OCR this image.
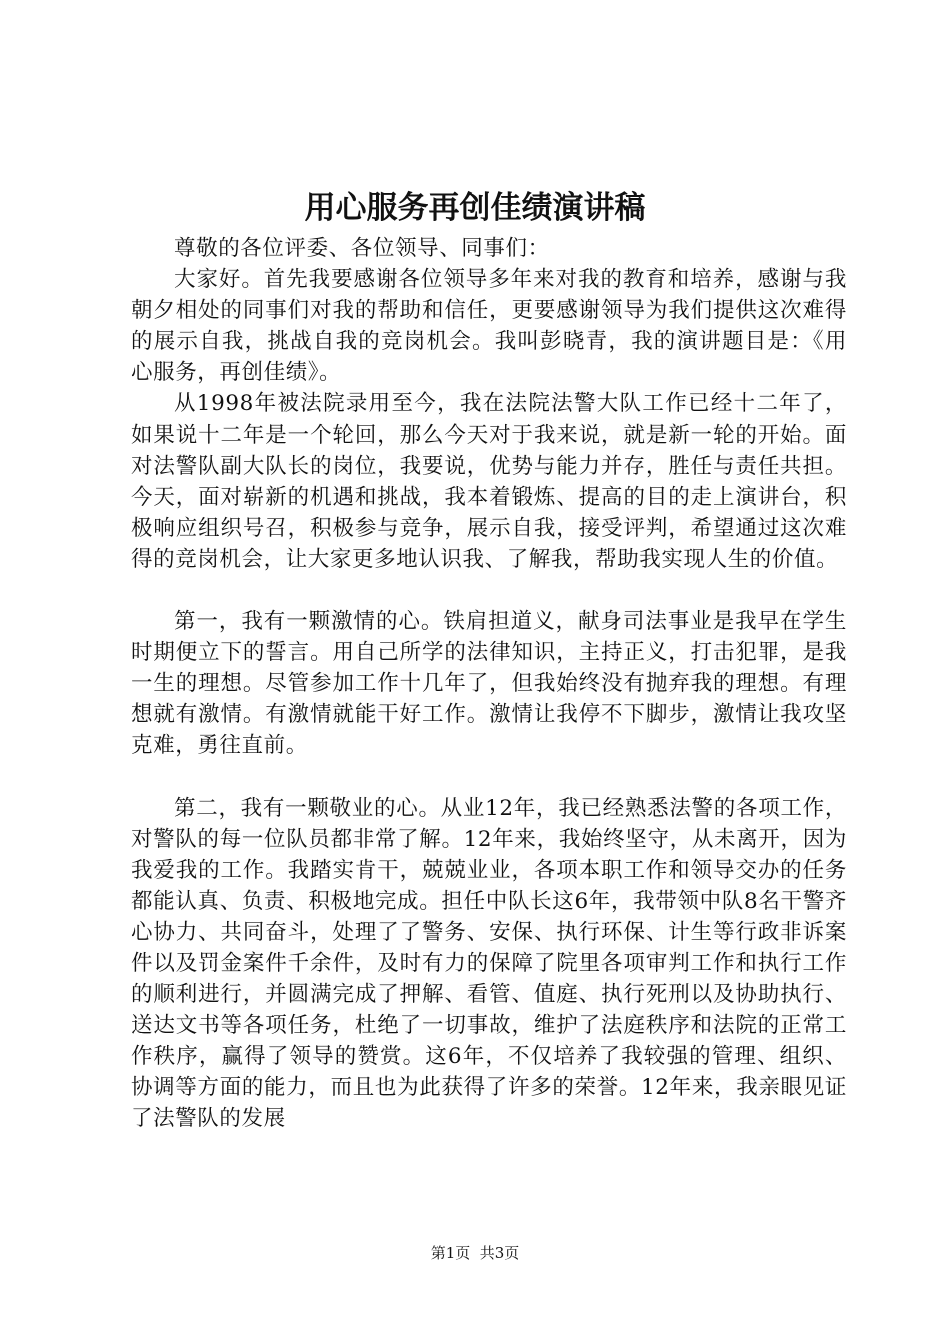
用心服务再创佳绩演讲稿

尊敬的各位评委、各位领导、同事们：

大家好。首先我要感谢各位领导多年来对我的教育和培养，感谢与我朝夕相处的同事们对我的帮助和信任，更要感谢领导为我们提供这次难得的展示自我，挑战自我的竞岗机会。我叫彭晓青，我的演讲题目是：《用心服务，再创佳绩》。

从1998年被法院录用至今，我在法院法警大队工作已经十二年了，如果说十二年是一个轮回，那么今天对于我来说，就是新一轮的开始。面对法警队副大队长的岗位，我要说，优势与能力并存，胜任与责任共担。今天，面对崭新的机遇和挑战，我本着锻炼、提高的目的走上演讲台，积极响应组织号召，积极参与竞争，展示自我，接受评判，希望通过这次难得的竞岗机会，让大家更多地认识我、了解我，帮助我实现人生的价值。

第一，我有一颗激情的心。铁肩担道义，献身司法事业是我早在学生时期便立下的誓言。用自己所学的法律知识，主持正义，打击犯罪，是我一生的理想。尽管参加工作十几年了，但我始终没有抛弃我的理想。有理想就有激情。有激情就能干好工作。激情让我停不下脚步，激情让我攻坚克难，勇往直前。

第二，我有一颗敬业的心。从业12年，我已经熟悉法警的各项工作，对警队的每一位队员都非常了解。12年来，我始终坚守，从未离开，因为我爱我的工作。我踏实肯干，兢兢业业，各项本职工作和领导交办的任务都能认真、负责、积极地完成。担任中队长这6年，我带领中队8名干警齐心协力、共同奋斗，处理了了警务、安保、执行环保、计生等行政非诉案件以及罚金案件千余件，及时有力的保障了院里各项审判工作和执行工作的顺利进行，并圆满完成了押解、看管、值庭、执行死刑以及协助执行、送达文书等各项任务，杜绝了一切事故，维护了法庭秩序和法院的正常工作秩序，赢得了领导的赞赏。这6年，不仅培养了我较强的管理、组织、协调等方面的能力，而且也为此获得了许多的荣誉。12年来，我亲眼见证了法警队的发展

第1页  共3页
